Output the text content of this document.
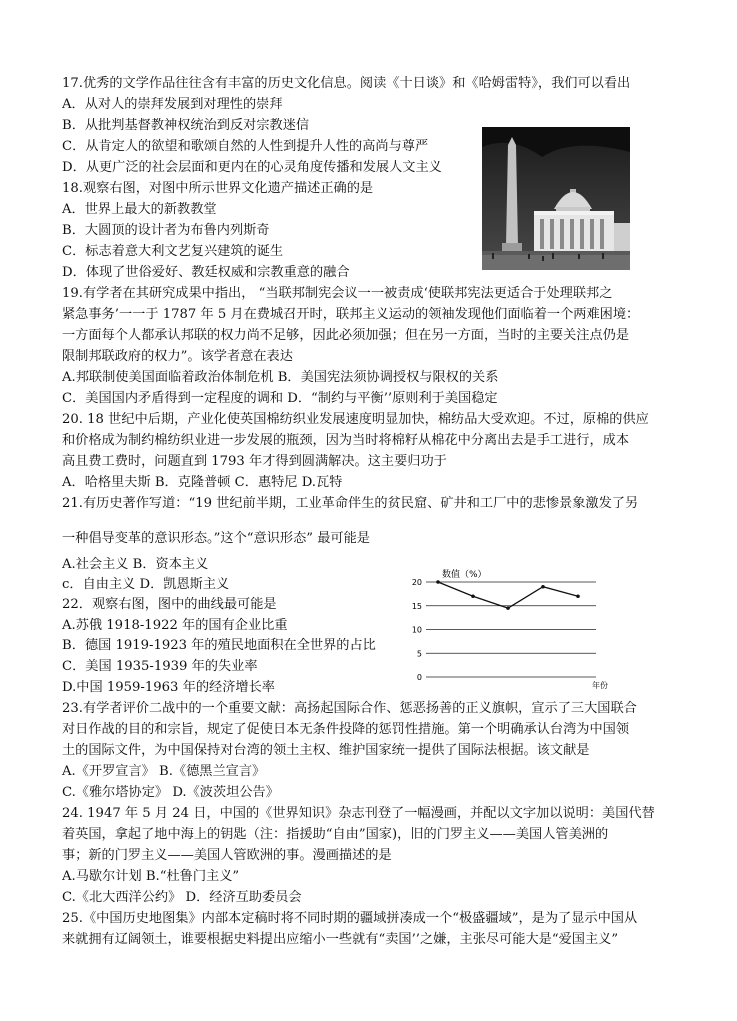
17.优秀的文学作品往往含有丰富的历史文化信息。阅读《十日谈》和《哈姆雷特》，我们可以看出
A．从对人的崇拜发展到对理性的崇拜
B．从批判基督教神权统治到反对宗教迷信
C．从肯定人的欲望和歌颂自然的人性到提升人性的高尚与尊严
D．从更广泛的社会层面和更内在的心灵角度传播和发展人文主义
18.观察右图，对图中所示世界文化遗产描述正确的是
A．世界上最大的新教教堂
B．大圆顶的设计者为布鲁内列斯奇
C．标志着意大利文艺复兴建筑的诞生
D．体现了世俗爱好、教廷权威和宗教重意的融合
19.有学者在其研究成果中指出， “当联邦制宪会议一一被责成‘使联邦宪法更适合于处理联邦之
紧急事务’一一于 1787 年 5 月在费城召开时，联邦主义运动的领袖发现他们面临着一个两难困境：
一方面每个人都承认邦联的权力尚不足够，因此必须加强；但在另一方面，当时的主要关注点仍是
限制邦联政府的权力”。该学者意在表达
A.邦联制使美国面临着政治体制危机 B．美国宪法须协调授权与限权的关系
C．美国国内矛盾得到一定程度的调和 D．“制约与平衡’’原则利于美国稳定
20. 18 世纪中后期，产业化使英国棉纺织业发展速度明显加快，棉纺品大受欢迎。不过，原棉的供应
和价格成为制约棉纺织业进一步发展的瓶颈，因为当时将棉籽从棉花中分离出去是手工进行，成本
高且费工费时，问题直到 1793 年才得到圆满解决。这主要归功于
A．哈格里夫斯 B．克隆普顿 C．惠特尼 D.瓦特
21.有历史著作写道：“19 世纪前半期，工业革命伴生的贫民窟、矿井和工厂中的悲惨景象激发了另
一种倡导变革的意识形态。”这个“意识形态” 最可能是
A.社会主义 B．资本主义
c．自由主义 D．凯恩斯主义
22．观察右图，图中的曲线最可能是
A.苏俄 1918-1922 年的国有企业比重
B．德国 1919-1923 年的殖民地面积在全世界的占比
C．美国 1935-1939 年的失业率
D.中国 1959-1963 年的经济增长率
数值（%）
0
5
10
15
20
年份
23.有学者评价二战中的一个重要文献：高扬起国际合作、惩恶扬善的正义旗帜，宣示了三大国联合
对日作战的目的和宗旨，规定了促使日本无条件投降的惩罚性措施。第一个明确承认台湾为中国领
土的国际文件，为中国保持对台湾的领土主权、维护国家统一提供了国际法根据。该文献是
A.《开罗宣言》 B.《德黑兰宣言》
C.《雅尔塔协定》 D.《波茨坦公告》
24. 1947 年 5 月 24 日，中国的《世界知识》杂志刊登了一幅漫画，并配以文字加以说明：美国代替
着英国，拿起了地中海上的钥匙（注：指援助“自由”国家)，旧的门罗主义——美国人管美洲的
事；新的门罗主义——美国人管欧洲的事。漫画描述的是
A.马歇尔计划 B.“杜鲁门主义”
C.《北大西洋公约》 D．经济互助委员会
25.《中国历史地图集》内部本定稿时将不同时期的疆域拼凑成一个“极盛疆域”，是为了显示中国从
来就拥有辽阔领土，谁要根据史料提出应缩小一些就有“卖国’’之嫌，主张尽可能大是“爱国主义”
